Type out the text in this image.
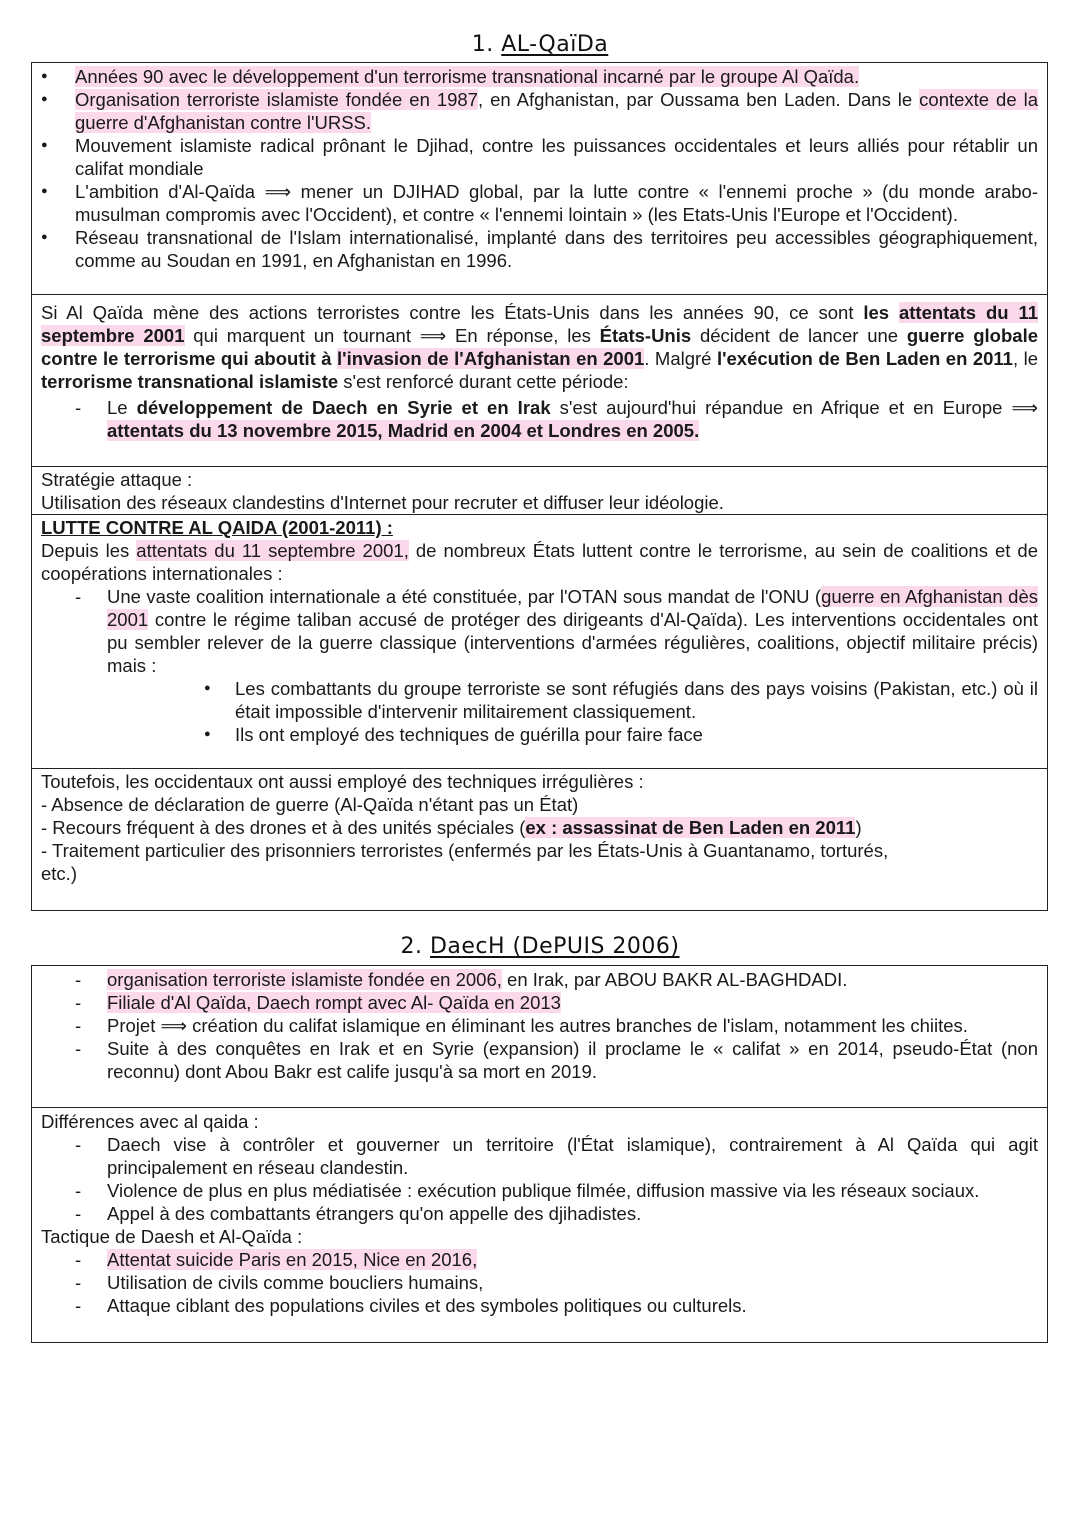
1. AL-QaïDa
● Années 90 avec le développement d'un terrorisme transnational incarné par le groupe Al Qaïda.
● Organisation terroriste islamiste fondée en 1987, en Afghanistan, par Oussama ben Laden. Dans le contexte de la guerre d'Afghanistan contre l'URSS.
● Mouvement islamiste radical prônant le Djihad, contre les puissances occidentales et leurs alliés pour rétablir un califat mondiale
● L'ambition d'Al-Qaïda ⟹ mener un DJIHAD global, par la lutte contre « l'ennemi proche » (du monde arabo-musulman compromis avec l'Occident), et contre « l'ennemi lointain » (les Etats-Unis l'Europe et l'Occident).
● Réseau transnational de l'Islam internationalisé, implanté dans des territoires peu accessibles géographiquement, comme au Soudan en 1991, en Afghanistan en 1996.

Si Al Qaïda mène des actions terroristes contre les États-Unis dans les années 90, ce sont les attentats du 11 septembre 2001 qui marquent un tournant ⟹ En réponse, les États-Unis décident de lancer une guerre globale contre le terrorisme qui aboutit à l'invasion de l'Afghanistan en 2001. Malgré l'exécution de Ben Laden en 2011, le terrorisme transnational islamiste s'est renforcé durant cette période:

- Le développement de Daech en Syrie et en Irak s'est aujourd'hui répandue en Afrique et en Europe ⟹ attentats du 13 novembre 2015, Madrid en 2004 et Londres en 2005.

Stratégie attaque :

Utilisation des réseaux clandestins d'Internet pour recruter et diffuser leur idéologie.

LUTTE CONTRE AL QAIDA (2001-2011) :

Depuis les attentats du 11 septembre 2001, de nombreux États luttent contre le terrorisme, au sein de coalitions et de coopérations internationales :

- Une vaste coalition internationale a été constituée, par l'OTAN sous mandat de l'ONU (guerre en Afghanistan dès 2001 contre le régime taliban accusé de protéger des dirigeants d'Al-Qaïda). Les interventions occidentales ont pu sembler relever de la guerre classique (interventions d'armées régulières, coalitions, objectif militaire précis) mais :
● Les combattants du groupe terroriste se sont réfugiés dans des pays voisins (Pakistan, etc.) où il était impossible d'intervenir militairement classiquement.
● Ils ont employé des techniques de guérilla pour faire face

Toutefois, les occidentaux ont aussi employé des techniques irrégulières :

- Absence de déclaration de guerre (Al-Qaïda n'étant pas un État)

- Recours fréquent à des drones et à des unités spéciales (ex : assassinat de Ben Laden en 2011)

- Traitement particulier des prisonniers terroristes (enfermés par les États-Unis à Guantanamo, torturés, etc.)

2. DaecH (DePUIS 2006)
- organisation terroriste islamiste fondée en 2006, en Irak, par ABOU BAKR AL-BAGHDADI.
- Filiale d'Al Qaïda, Daech rompt avec Al- Qaïda en 2013
- Projet ⟹ création du califat islamique en éliminant les autres branches de l'islam, notamment les chiites.
- Suite à des conquêtes en Irak et en Syrie (expansion) il proclame le « califat » en 2014, pseudo-État (non reconnu) dont Abou Bakr est calife jusqu'à sa mort en 2019.

Différences avec al qaida :

- Daech vise à contrôler et gouverner un territoire (l'État islamique), contrairement à Al Qaïda qui agit principalement en réseau clandestin.
- Violence de plus en plus médiatisée : exécution publique filmée, diffusion massive via les réseaux sociaux.
- Appel à des combattants étrangers qu'on appelle des djihadistes.

Tactique de Daesh et Al-Qaïda :

- Attentat suicide Paris en 2015, Nice en 2016,
- Utilisation de civils comme boucliers humains,
- Attaque ciblant des populations civiles et des symboles politiques ou culturels.
